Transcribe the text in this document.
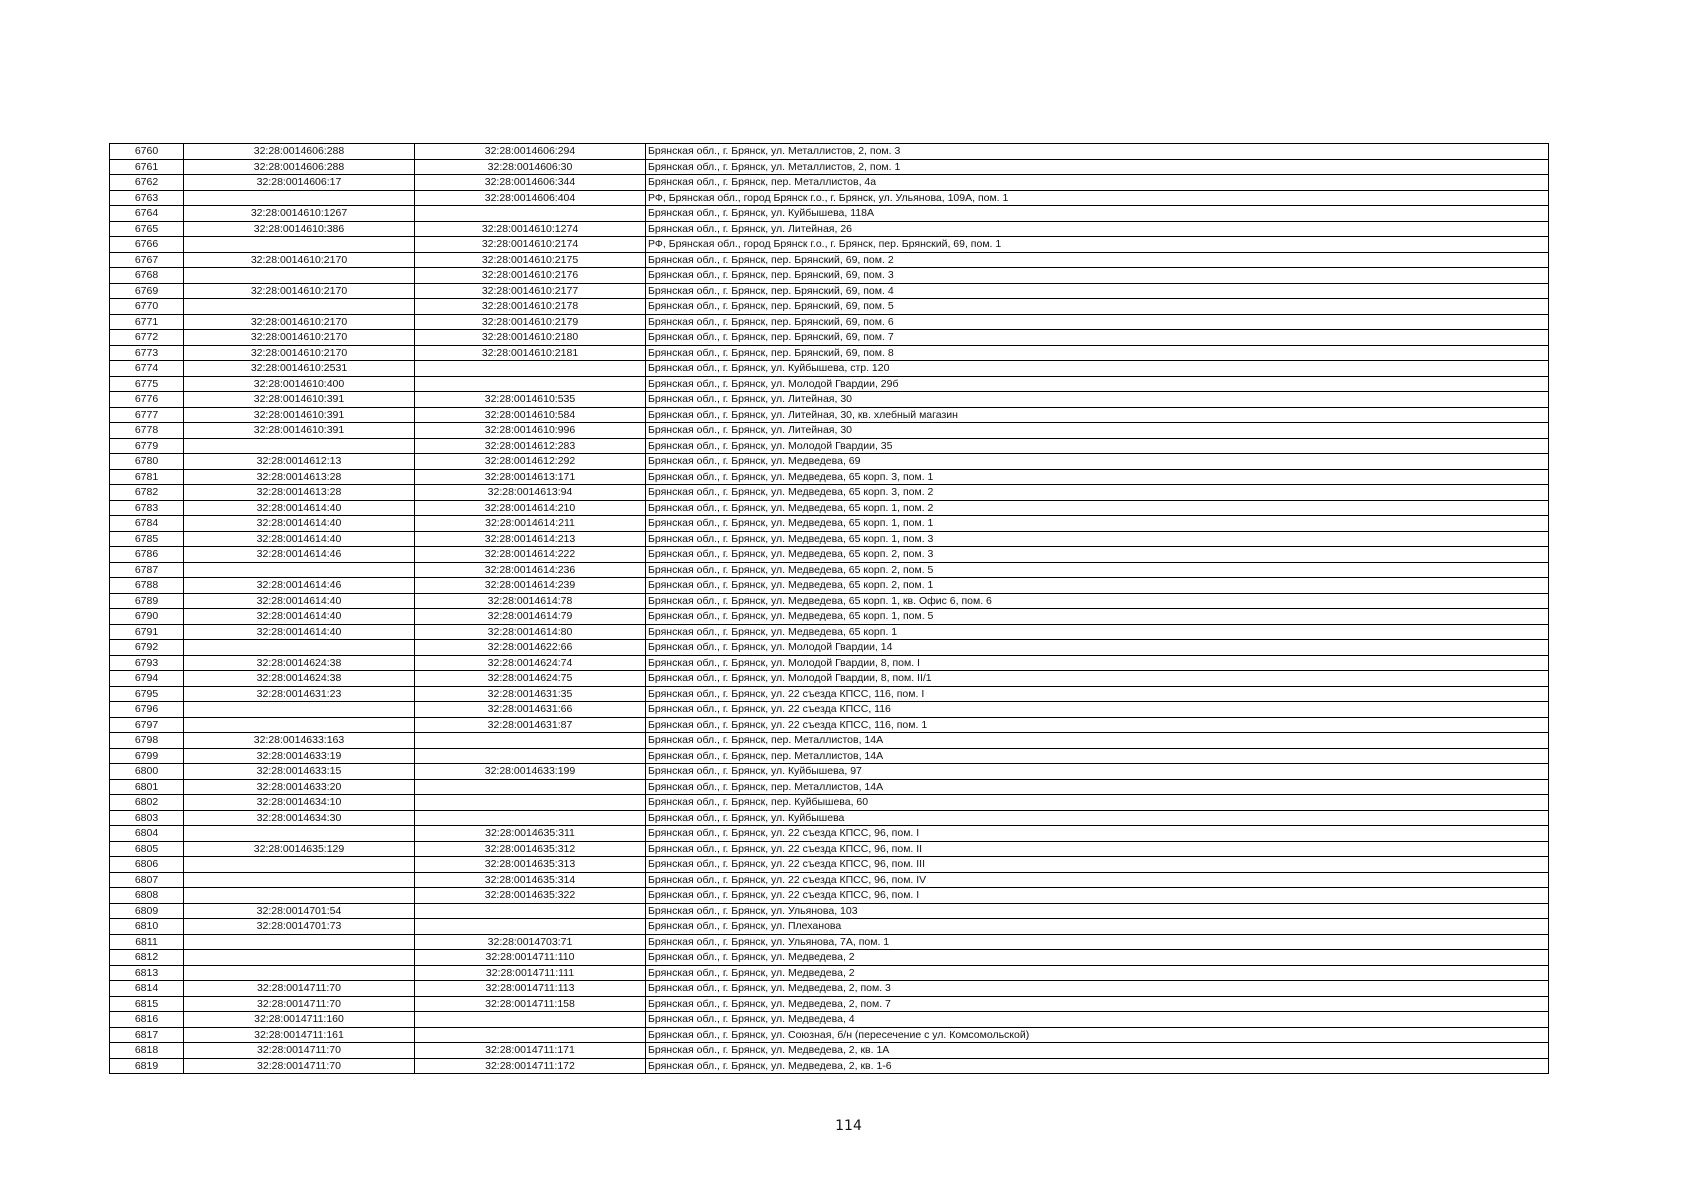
6760	32:28:0014606:288	32:28:0014606:294	Брянская обл., г. Брянск, ул. Металлистов, 2, пом. 3
6761	32:28:0014606:288	32:28:0014606:30	Брянская обл., г. Брянск, ул. Металлистов, 2, пом. 1
6762	32:28:0014606:17	32:28:0014606:344	Брянская обл., г. Брянск, пер. Металлистов, 4а
6763		32:28:0014606:404	РФ, Брянская обл., город Брянск г.о., г. Брянск, ул. Ульянова, 109А, пом. 1
6764	32:28:0014610:1267		Брянская обл., г. Брянск, ул. Куйбышева, 118А
6765	32:28:0014610:386	32:28:0014610:1274	Брянская обл., г. Брянск, ул. Литейная, 26
6766		32:28:0014610:2174	РФ, Брянская обл., город Брянск г.о., г. Брянск, пер. Брянский, 69, пом. 1
6767	32:28:0014610:2170	32:28:0014610:2175	Брянская обл., г. Брянск, пер. Брянский, 69, пом. 2
6768		32:28:0014610:2176	Брянская обл., г. Брянск, пер. Брянский, 69, пом. 3
6769	32:28:0014610:2170	32:28:0014610:2177	Брянская обл., г. Брянск, пер. Брянский, 69, пом. 4
6770		32:28:0014610:2178	Брянская обл., г. Брянск, пер. Брянский, 69, пом. 5
6771	32:28:0014610:2170	32:28:0014610:2179	Брянская обл., г. Брянск, пер. Брянский, 69, пом. 6
6772	32:28:0014610:2170	32:28:0014610:2180	Брянская обл., г. Брянск, пер. Брянский, 69, пом. 7
6773	32:28:0014610:2170	32:28:0014610:2181	Брянская обл., г. Брянск, пер. Брянский, 69, пом. 8
6774	32:28:0014610:2531		Брянская обл., г. Брянск, ул. Куйбышева, стр. 120
6775	32:28:0014610:400		Брянская обл., г. Брянск, ул. Молодой Гвардии, 29б
6776	32:28:0014610:391	32:28:0014610:535	Брянская обл., г. Брянск, ул. Литейная, 30
6777	32:28:0014610:391	32:28:0014610:584	Брянская обл., г. Брянск, ул. Литейная, 30, кв. хлебный магазин
6778	32:28:0014610:391	32:28:0014610:996	Брянская обл., г. Брянск, ул. Литейная, 30
6779		32:28:0014612:283	Брянская обл., г. Брянск, ул. Молодой Гвардии, 35
6780	32:28:0014612:13	32:28:0014612:292	Брянская обл., г. Брянск, ул. Медведева, 69
6781	32:28:0014613:28	32:28:0014613:171	Брянская обл., г. Брянск, ул. Медведева, 65 корп. 3, пом. 1
6782	32:28:0014613:28	32:28:0014613:94	Брянская обл., г. Брянск, ул. Медведева, 65 корп. 3, пом. 2
6783	32:28:0014614:40	32:28:0014614:210	Брянская обл., г. Брянск, ул. Медведева, 65 корп. 1, пом. 2
6784	32:28:0014614:40	32:28:0014614:211	Брянская обл., г. Брянск, ул. Медведева, 65 корп. 1, пом. 1
6785	32:28:0014614:40	32:28:0014614:213	Брянская обл., г. Брянск, ул. Медведева, 65 корп. 1, пом. 3
6786	32:28:0014614:46	32:28:0014614:222	Брянская обл., г. Брянск, ул. Медведева, 65 корп. 2, пом. 3
6787		32:28:0014614:236	Брянская обл., г. Брянск, ул. Медведева, 65 корп. 2, пом. 5
6788	32:28:0014614:46	32:28:0014614:239	Брянская обл., г. Брянск, ул. Медведева, 65 корп. 2, пом. 1
6789	32:28:0014614:40	32:28:0014614:78	Брянская обл., г. Брянск, ул. Медведева, 65 корп. 1, кв. Офис 6, пом. 6
6790	32:28:0014614:40	32:28:0014614:79	Брянская обл., г. Брянск, ул. Медведева, 65 корп. 1, пом. 5
6791	32:28:0014614:40	32:28:0014614:80	Брянская обл., г. Брянск, ул. Медведева, 65 корп. 1
6792		32:28:0014622:66	Брянская обл., г. Брянск, ул. Молодой Гвардии, 14
6793	32:28:0014624:38	32:28:0014624:74	Брянская обл., г. Брянск, ул. Молодой Гвардии, 8, пом. I
6794	32:28:0014624:38	32:28:0014624:75	Брянская обл., г. Брянск, ул. Молодой Гвардии, 8, пом. II/1
6795	32:28:0014631:23	32:28:0014631:35	Брянская обл., г. Брянск, ул. 22 съезда КПСС, 116, пом. I
6796		32:28:0014631:66	Брянская обл., г. Брянск, ул. 22 съезда КПСС, 116
6797		32:28:0014631:87	Брянская обл., г. Брянск, ул. 22 съезда КПСС, 116, пом. 1
6798	32:28:0014633:163		Брянская обл., г. Брянск, пер. Металлистов, 14А
6799	32:28:0014633:19		Брянская обл., г. Брянск, пер. Металлистов, 14А
6800	32:28:0014633:15	32:28:0014633:199	Брянская обл., г. Брянск, ул. Куйбышева, 97
6801	32:28:0014633:20		Брянская обл., г. Брянск, пер. Металлистов, 14А
6802	32:28:0014634:10		Брянская обл., г. Брянск, пер. Куйбышева, 60
6803	32:28:0014634:30		Брянская обл., г. Брянск, ул. Куйбышева
6804		32:28:0014635:311	Брянская обл., г. Брянск, ул. 22 съезда КПСС, 96, пом. I
6805	32:28:0014635:129	32:28:0014635:312	Брянская обл., г. Брянск, ул. 22 съезда КПСС, 96, пом. II
6806		32:28:0014635:313	Брянская обл., г. Брянск, ул. 22 съезда КПСС, 96, пом. III
6807		32:28:0014635:314	Брянская обл., г. Брянск, ул. 22 съезда КПСС, 96, пом. IV
6808		32:28:0014635:322	Брянская обл., г. Брянск, ул. 22 съезда КПСС, 96, пом. I
6809	32:28:0014701:54		Брянская обл., г. Брянск, ул. Ульянова, 103
6810	32:28:0014701:73		Брянская обл., г. Брянск, ул. Плеханова
6811		32:28:0014703:71	Брянская обл., г. Брянск, ул. Ульянова, 7А, пом. 1
6812		32:28:0014711:110	Брянская обл., г. Брянск, ул. Медведева, 2
6813		32:28:0014711:111	Брянская обл., г. Брянск, ул. Медведева, 2
6814	32:28:0014711:70	32:28:0014711:113	Брянская обл., г. Брянск, ул. Медведева, 2, пом. 3
6815	32:28:0014711:70	32:28:0014711:158	Брянская обл., г. Брянск, ул. Медведева, 2, пом. 7
6816	32:28:0014711:160		Брянская обл., г. Брянск, ул. Медведева, 4
6817	32:28:0014711:161		Брянская обл., г. Брянск, ул. Союзная, б/н (пересечение с ул. Комсомольской)
6818	32:28:0014711:70	32:28:0014711:171	Брянская обл., г. Брянск, ул. Медведева, 2, кв. 1А
6819	32:28:0014711:70	32:28:0014711:172	Брянская обл., г. Брянск, ул. Медведева, 2, кв. 1-6
114
